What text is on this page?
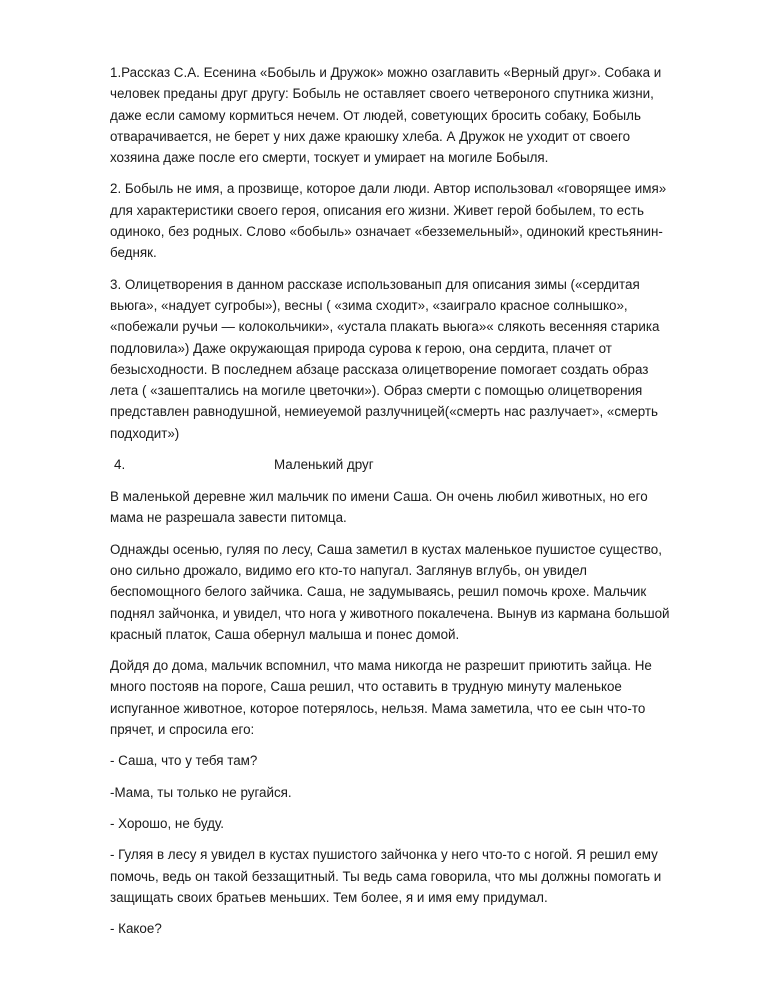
1.Рассказ С.А. Есенина «Бобыль и Дружок» можно озаглавить «Верный друг». Собака и
человек преданы друг другу: Бобыль не оставляет своего четвероного спутника жизни,
даже если самому кормиться нечем. От людей, советующих бросить собаку, Бобыль
отварачивается, не берет у них даже краюшку хлеба. А Дружок не уходит от своего
хозяина даже после его смерти, тоскует и умирает на могиле Бобыля.

2. Бобыль не имя, а прозвище, которое дали люди. Автор использовал «говорящее имя»
для характеристики своего героя, описания его жизни. Живет герой бобылем, то есть
одиноко, без родных. Слово «бобыль» означает «безземельный», одинокий крестьянин-
бедняк.

3. Олицетворения в данном рассказе использованып для описания зимы («сердитая
вьюга», «надует сугробы»), весны ( «зима сходит», «заиграло красное солнышко»,
«побежали ручьи — колокольчики», «устала плакать вьюга»« слякоть весенняя старика
подловила») Даже окружающая природа сурова к герою, она сердита, плачет от
безысходности. В последнем абзаце рассказа олицетворение помогает создать образ
лета ( «зашептались на могиле цветочки»). Образ смерти с помощью олицетворения
представлен равнодушной, немиеуемой разлучницей(«смерть нас разлучает», «смерть
подходит»)

4.	Маленький друг

В маленькой деревне жил мальчик по имени Саша. Он очень любил животных, но его
мама не разрешала завести питомца.

Однажды осенью, гуляя по лесу, Саша заметил в кустах маленькое пушистое существо,
оно сильно дрожало, видимо его кто-то напугал. Заглянув вглубь, он увидел
беспомощного белого зайчика. Саша, не задумываясь, решил помочь крохе. Мальчик
поднял зайчонка, и увидел, что нога у животного покалечена. Вынув из кармана большой
красный платок, Саша обернул малыша и понес домой.

Дойдя до дома, мальчик вспомнил, что мама никогда не разрешит приютить зайца. Не
много постояв на пороге, Саша решил, что оставить в трудную минуту маленькое
испуганное животное, которое потерялось, нельзя. Мама заметила, что ее сын что-то
прячет, и спросила его:

- Саша, что у тебя там?

-Мама, ты только не ругайся.

- Хорошо, не буду.

- Гуляя в лесу я увидел в кустах пушистого зайчонка у него что-то с ногой. Я решил ему
помочь, ведь он такой беззащитный. Ты ведь сама говорила, что мы должны помогать и
защищать своих братьев меньших. Тем более, я и имя ему придумал.

- Какое?
